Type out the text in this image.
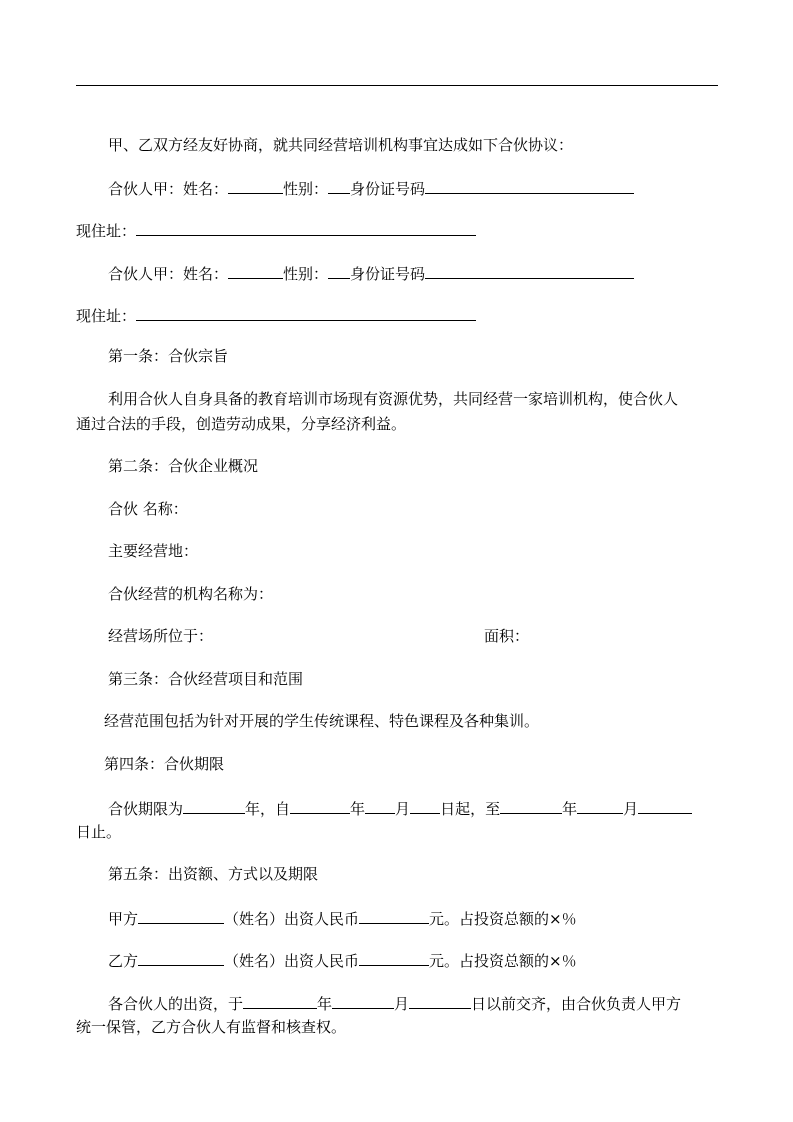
甲、乙双方经友好协商，就共同经营培训机构事宜达成如下合伙协议：
合伙人甲：姓名：	性别： 身份证号码
现住址：
合伙人甲：姓名：	性别： 身份证号码
现住址：
第一条：合伙宗旨
利用合伙人自身具备的教育培训市场现有资源优势，共同经营一家培训机构，使合伙人
通过合法的手段，创造劳动成果，分享经济利益。
第二条：合伙企业概况
合伙 名称：
主要经营地：
合伙经营的机构名称为：
经营场所位于：	面积：
第三条：合伙经营项目和范围
经营范围包括为针对开展的学生传统课程、特色课程及各种集训。
第四条：合伙期限
合伙期限为	年，自	年 月 日起，至	年	月
日止。
第五条：出资额、方式以及期限
甲方	（姓名）出资人民币	元。占投资总额的×％
乙方	（姓名）出资人民币	元。占投资总额的×％
各合伙人的出资，于	年	月	日以前交齐，由合伙负责人甲方
统一保管，乙方合伙人有监督和核查权。
